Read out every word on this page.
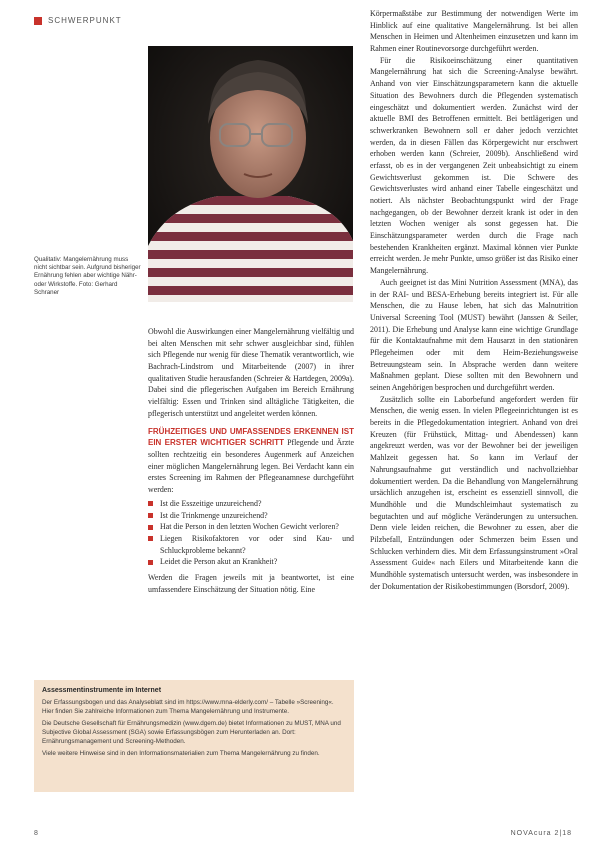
SCHWERPUNKT
Qualitativ: Mangelernährung muss nicht sichtbar sein. Aufgrund bisheriger Ernährung fehlen aber wichtige Nähr- oder Wirkstoffe. Foto: Gerhard Schraner

Obwohl die Auswirkungen einer Mangelernährung vielfältig und bei alten Menschen mit sehr schwer ausgleichbar sind, fühlen sich Pflegende nur wenig für diese Thematik verantwortlich, wie Bachrach-Lindstrom und Mitarbeitende (2007) in ihrer qualitativen Studie herausfanden (Schreier & Hartdegen, 2009a). Dabei sind die pflegerischen Aufgaben im Bereich Ernährung vielfältig: Essen und Trinken sind alltägliche Tätigkeiten, die pflegerisch unterstützt und angeleitet werden können.

FRÜHZEITIGES UND UMFASSENDES ERKENNEN IST EIN ERSTER WICHTIGER SCHRITT Pflegende und Ärzte sollten rechtzeitig ein besonderes Augenmerk auf Anzeichen einer möglichen Mangelernährung legen. Bei Verdacht kann ein erstes Screening im Rahmen der Pflegeanamnese durchgeführt werden:

Ist die Esszeitige unzureichend?
Ist die Trinkmenge unzureichend?
Hat die Person in den letzten Wochen Gewicht verloren?
Liegen Risikofaktoren vor oder sind Kau- und Schluckprobleme bekannt?
Leidet die Person akut an Krankheit?

Werden die Fragen jeweils mit ja beantwortet, ist eine umfassendere Einschätzung der Situation nötig. Eine

Körpermaßstäbe zur Bestimmung der notwendigen Werte im Hinblick auf eine qualitative Mangelernährung. Ist bei allen Menschen in Heimen und Altenheimen einzusetzen und kann im Rahmen einer Routinevorsorge durchgeführt werden.

Für die Risikoeinschätzung einer quantitativen Mangelernährung hat sich die Screening-Analyse bewährt. Anhand von vier Einschätzungsparametern kann die aktuelle Situation des Bewohners durch die Pflegenden systematisch eingeschätzt und dokumentiert werden. Zunächst wird der aktuelle BMI des Betroffenen ermittelt. Bei bettlägerigen und schwerkranken Bewohnern soll er daher jedoch verzichtet werden, da in diesen Fällen das Körpergewicht nur erschwert erhoben werden kann (Schreier, 2009b). Anschließend wird erfasst, ob es in der vergangenen Zeit unbeabsichtigt zu einem Gewichtsverlust gekommen ist. Die Schwere des Gewichtsverlustes wird anhand einer Tabelle eingeschätzt und notiert. Als nächster Beobachtungspunkt wird der Frage nachgegangen, ob der Bewohner derzeit krank ist oder in den letzten Wochen weniger als sonst gegessen hat. Die Einschätzungsparameter werden durch die Frage nach bestehenden Krankheiten ergänzt. Maximal können vier Punkte erreicht werden. Je mehr Punkte, umso größer ist das Risiko einer Mangelernährung.

Auch geeignet ist das Mini Nutrition Assessment (MNA), das in der RAI- und BESA-Erhebung bereits integriert ist. Für alle Menschen, die zu Hause leben, hat sich das Malnutrition Universal Screening Tool (MUST) bewährt (Janssen & Seiler, 2011). Die Erhebung und Analyse kann eine wichtige Grundlage für die Kontaktaufnahme mit dem Hausarzt in den stationären Pflegeheimen oder mit dem Heim-Beziehungsweise Betreuungsteam sein. In Absprache werden dann weitere Maßnahmen geplant. Diese sollten mit den Bewohnern und seinen Angehörigen besprochen und durchgeführt werden.

Zusätzlich sollte ein Laborbefund angefordert werden für Menschen, die wenig essen. In vielen Pflegeeinrichtungen ist es bereits in die Pflegedokumentation integriert. Anhand von drei Kreuzen (für Frühstück, Mittag- und Abendessen) kann angekreuzt werden, was vor der Bewohner bei der jeweiligen Mahlzeit gegessen hat. So kann im Verlauf der Nahrungsaufnahme gut verständlich und nachvollziehbar dokumentiert werden. Da die Behandlung von Mangelernährung ursächlich anzugehen ist, erscheint es essenziell sinnvoll, die Mundhöhle und die Mundschleimhaut systematisch zu begutachten und auf mögliche Veränderungen zu untersuchen. Denn viele leiden reichen, die Bewohner zu essen, aber die Pilzbefall, Entzündungen oder Schmerzen beim Essen und Schlucken verhindern dies. Mit dem Erfassungsinstrument »Oral Assessment Guide« nach Eilers und Mitarbeitende kann die Mundhöhle systematisch untersucht werden, was insbesondere in der Dokumentation der Risikobestimmungen (Borsdorf, 2009).

Assessmentinstrumente im Internet

Der Erfassungsbogen und das Analyseblatt sind im https://www.mna-elderly.com/ – Tabelle »Screening«. Hier finden Sie zahlreiche Informationen zum Thema Mangelernährung und Instrumente.

Die Deutsche Gesellschaft für Ernährungsmedizin (www.dgem.de) bietet Informationen zu MUST, MNA und Subjective Global Assessment (SGA) sowie Erfassungsbögen zum Herunterladen an. Dort: Ernährungsmanagement und Screening-Methoden.

Viele weitere Hinweise sind in den Informationsmaterialien zum Thema Mangelernährung zu finden.

8	NOVAcura 2|18
